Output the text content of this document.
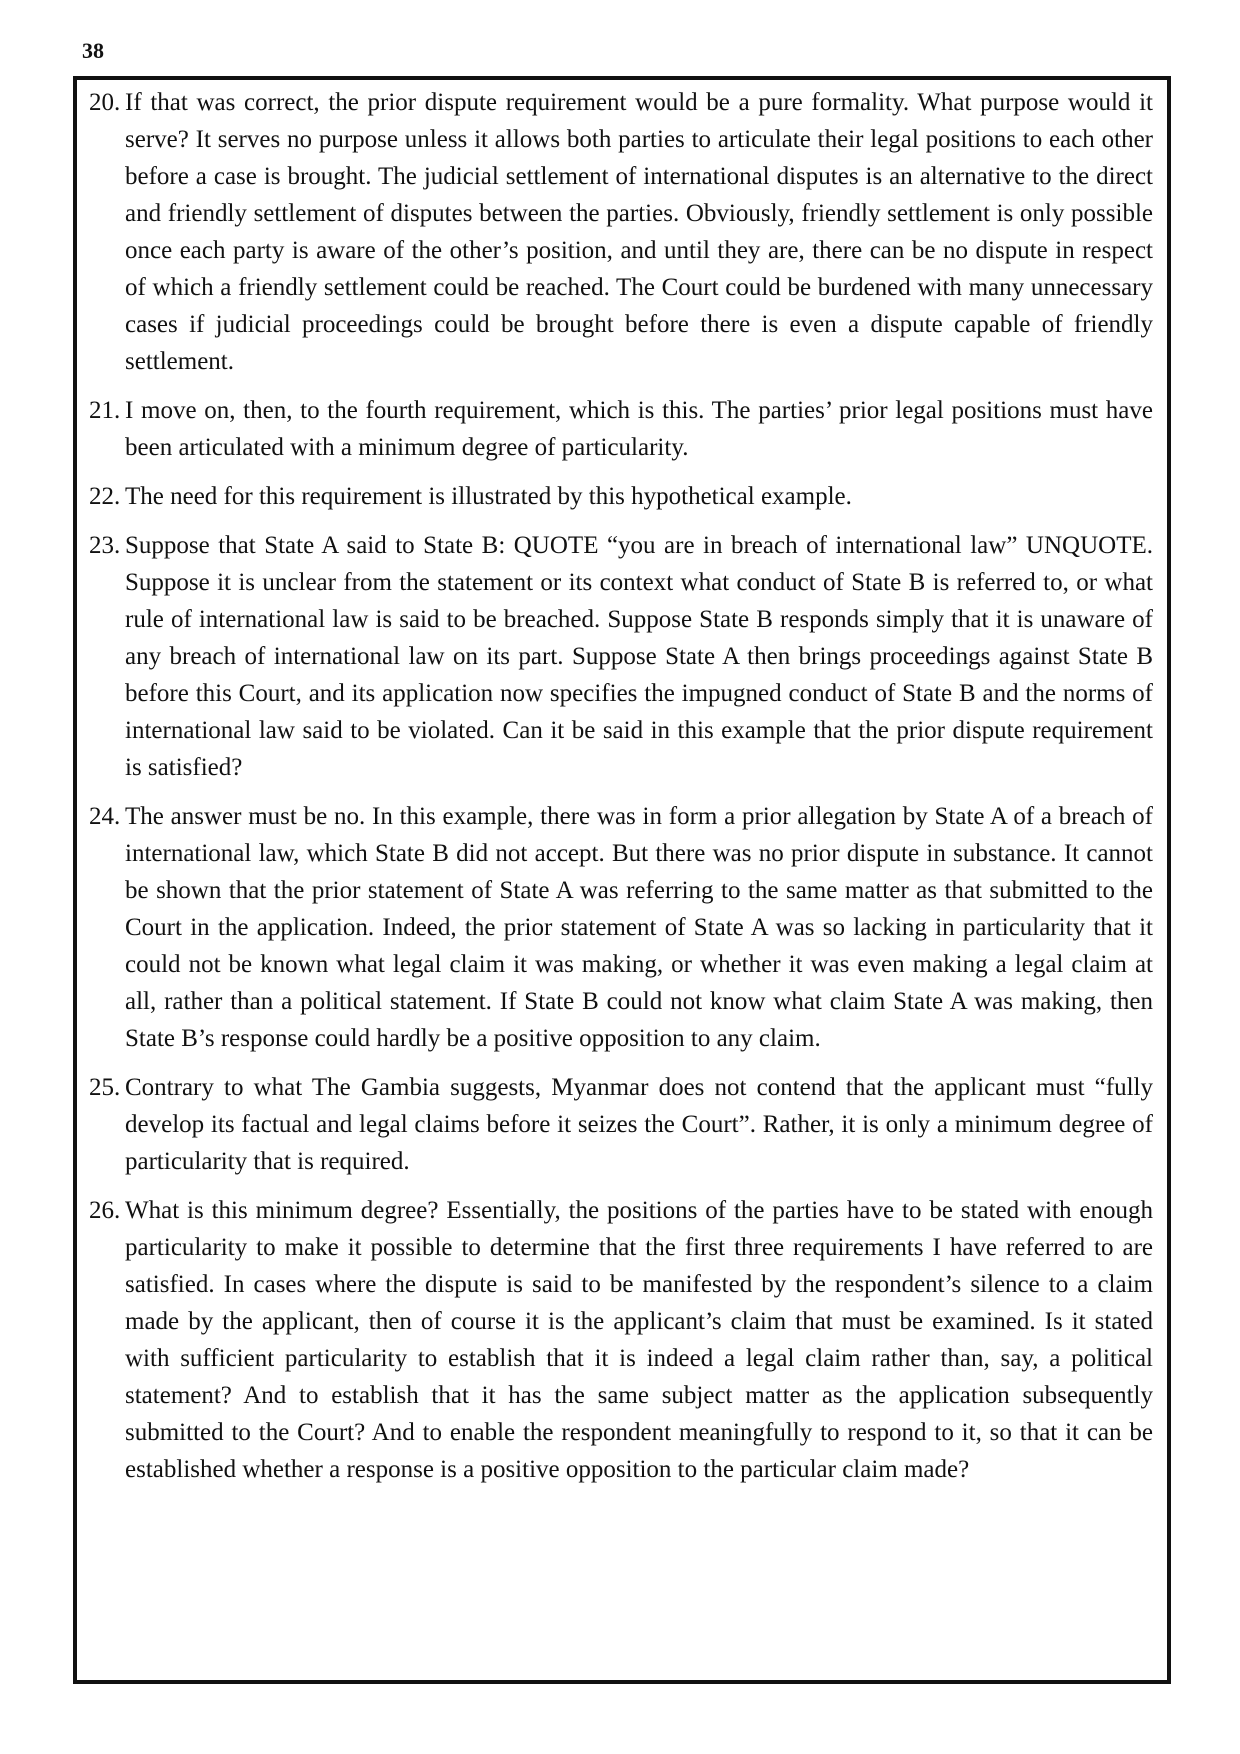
38
20. If that was correct, the prior dispute requirement would be a pure formality. What purpose would it serve? It serves no purpose unless it allows both parties to articulate their legal positions to each other before a case is brought. The judicial settlement of international disputes is an alternative to the direct and friendly settlement of disputes between the parties. Obviously, friendly settlement is only possible once each party is aware of the other’s position, and until they are, there can be no dispute in respect of which a friendly settlement could be reached. The Court could be burdened with many unnecessary cases if judicial proceedings could be brought before there is even a dispute capable of friendly settlement.
21. I move on, then, to the fourth requirement, which is this. The parties’ prior legal positions must have been articulated with a minimum degree of particularity.
22. The need for this requirement is illustrated by this hypothetical example.
23. Suppose that State A said to State B: QUOTE “you are in breach of international law” UNQUOTE. Suppose it is unclear from the statement or its context what conduct of State B is referred to, or what rule of international law is said to be breached. Suppose State B responds simply that it is unaware of any breach of international law on its part. Suppose State A then brings proceedings against State B before this Court, and its application now specifies the impugned conduct of State B and the norms of international law said to be violated. Can it be said in this example that the prior dispute requirement is satisfied?
24. The answer must be no. In this example, there was in form a prior allegation by State A of a breach of international law, which State B did not accept. But there was no prior dispute in substance. It cannot be shown that the prior statement of State A was referring to the same matter as that submitted to the Court in the application. Indeed, the prior statement of State A was so lacking in particularity that it could not be known what legal claim it was making, or whether it was even making a legal claim at all, rather than a political statement. If State B could not know what claim State A was making, then State B’s response could hardly be a positive opposition to any claim.
25. Contrary to what The Gambia suggests, Myanmar does not contend that the applicant must “fully develop its factual and legal claims before it seizes the Court”. Rather, it is only a minimum degree of particularity that is required.
26. What is this minimum degree? Essentially, the positions of the parties have to be stated with enough particularity to make it possible to determine that the first three requirements I have referred to are satisfied. In cases where the dispute is said to be manifested by the respondent’s silence to a claim made by the applicant, then of course it is the applicant’s claim that must be examined. Is it stated with sufficient particularity to establish that it is indeed a legal claim rather than, say, a political statement? And to establish that it has the same subject matter as the application subsequently submitted to the Court? And to enable the respondent meaningfully to respond to it, so that it can be established whether a response is a positive opposition to the particular claim made?
